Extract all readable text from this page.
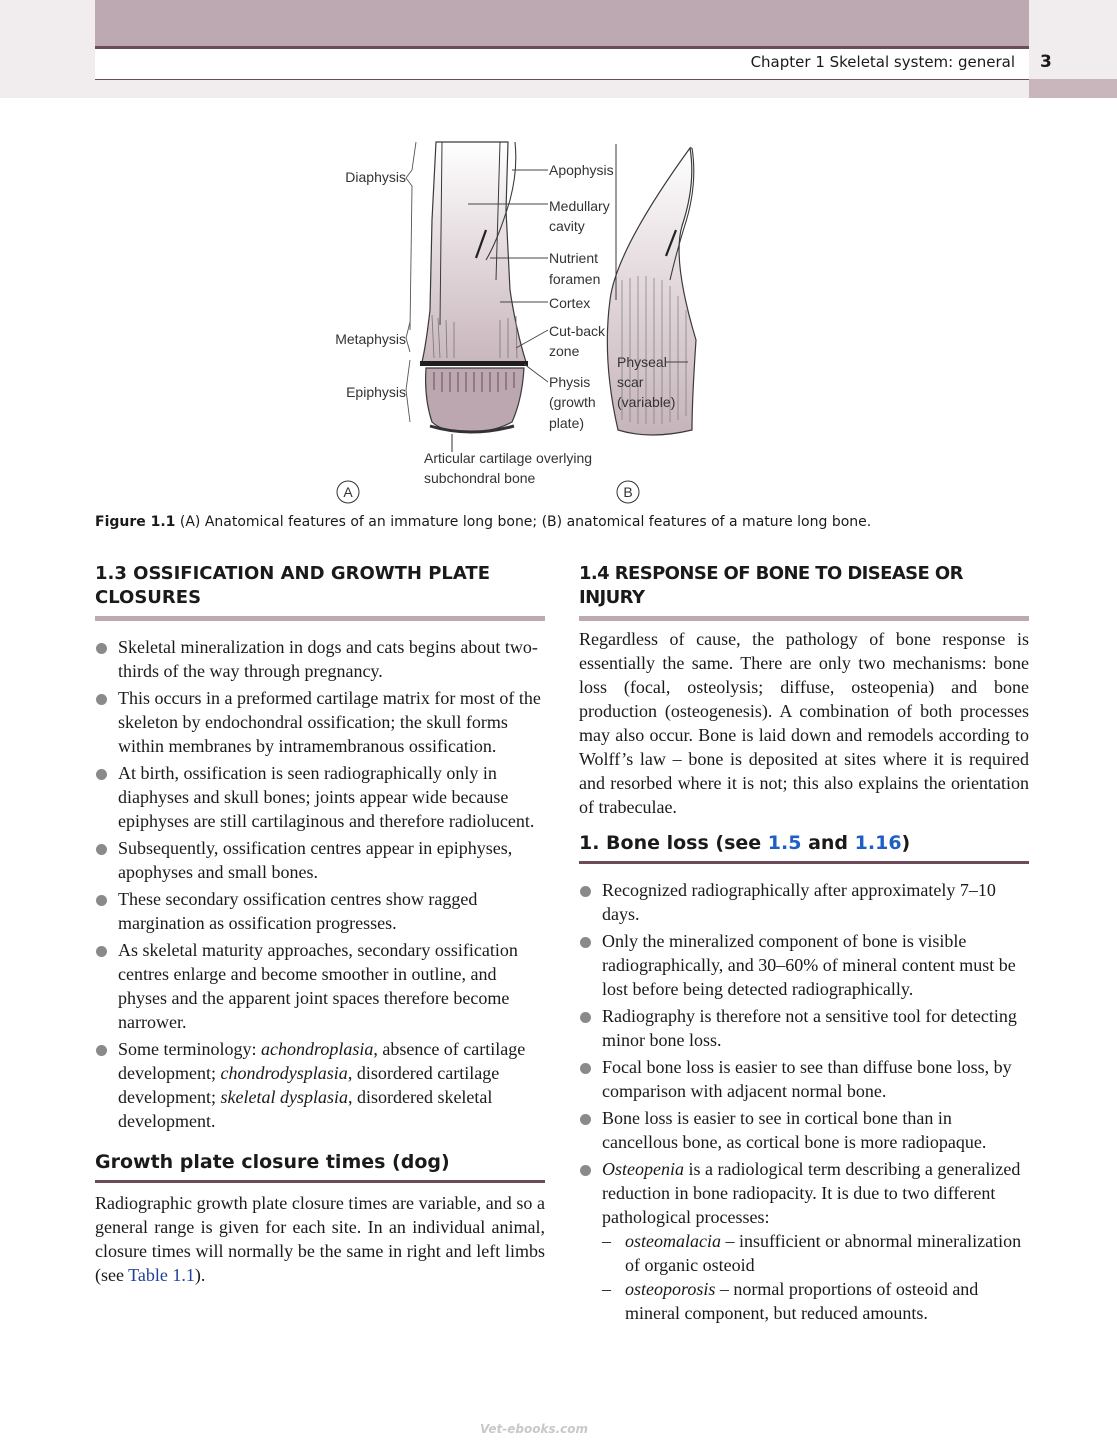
Chapter 1 Skeletal system: general 3
Diaphysis
Metaphysis
Epiphysis
Apophysis
Medullary
cavity
Nutrient
foramen
Cortex
Cut-back
zone
Physis
(growth
plate)
Physeal
scar
(variable)
Articular cartilage overlying
subchondral bone
A	B
Figure 1.1 (A) Anatomical features of an immature long bone; (B) anatomical features of a mature long bone.
1.3 OSSIFICATION AND GROWTH PLATE CLOSURES
Skeletal mineralization in dogs and cats begins about two-thirds of the way through pregnancy.
This occurs in a preformed cartilage matrix for most of the skeleton by endochondral ossification; the skull forms within membranes by intramembranous ossification.
At birth, ossification is seen radiographically only in diaphyses and skull bones; joints appear wide because epiphyses are still cartilaginous and therefore radiolucent.
Subsequently, ossification centres appear in epiphyses, apophyses and small bones.
These secondary ossification centres show ragged margination as ossification progresses.
As skeletal maturity approaches, secondary ossification centres enlarge and become smoother in outline, and physes and the apparent joint spaces therefore become narrower.
Some terminology: achondroplasia, absence of cartilage development; chondrodysplasia, disordered cartilage development; skeletal dysplasia, disordered skeletal development.
Growth plate closure times (dog)

Radiographic growth plate closure times are variable, and so a general range is given for each site. In an individual animal, closure times will normally be the same in right and left limbs (see Table 1.1).

1.4 RESPONSE OF BONE TO DISEASE OR INJURY

Regardless of cause, the pathology of bone response is essentially the same. There are only two mechanisms: bone loss (focal, osteolysis; diffuse, osteopenia) and bone production (osteogenesis). A combination of both processes may also occur. Bone is laid down and remodels according to Wolff’s law – bone is deposited at sites where it is required and resorbed where it is not; this also explains the orientation of trabeculae.

1. Bone loss (see 1.5 and 1.16)
Recognized radiographically after approximately 7–10 days.
Only the mineralized component of bone is visible radiographically, and 30–60% of mineral content must be lost before being detected radiographically.
Radiography is therefore not a sensitive tool for detecting minor bone loss.
Focal bone loss is easier to see than diffuse bone loss, by comparison with adjacent normal bone.
Bone loss is easier to see in cortical bone than in cancellous bone, as cortical bone is more radiopaque.
Osteopenia is a radiological term describing a generalized reduction in bone radiopacity. It is due to two different pathological processes:
– osteomalacia – insufficient or abnormal mineralization of organic osteoid
– osteoporosis – normal proportions of osteoid and mineral component, but reduced amounts.
Vet-ebooks.com
